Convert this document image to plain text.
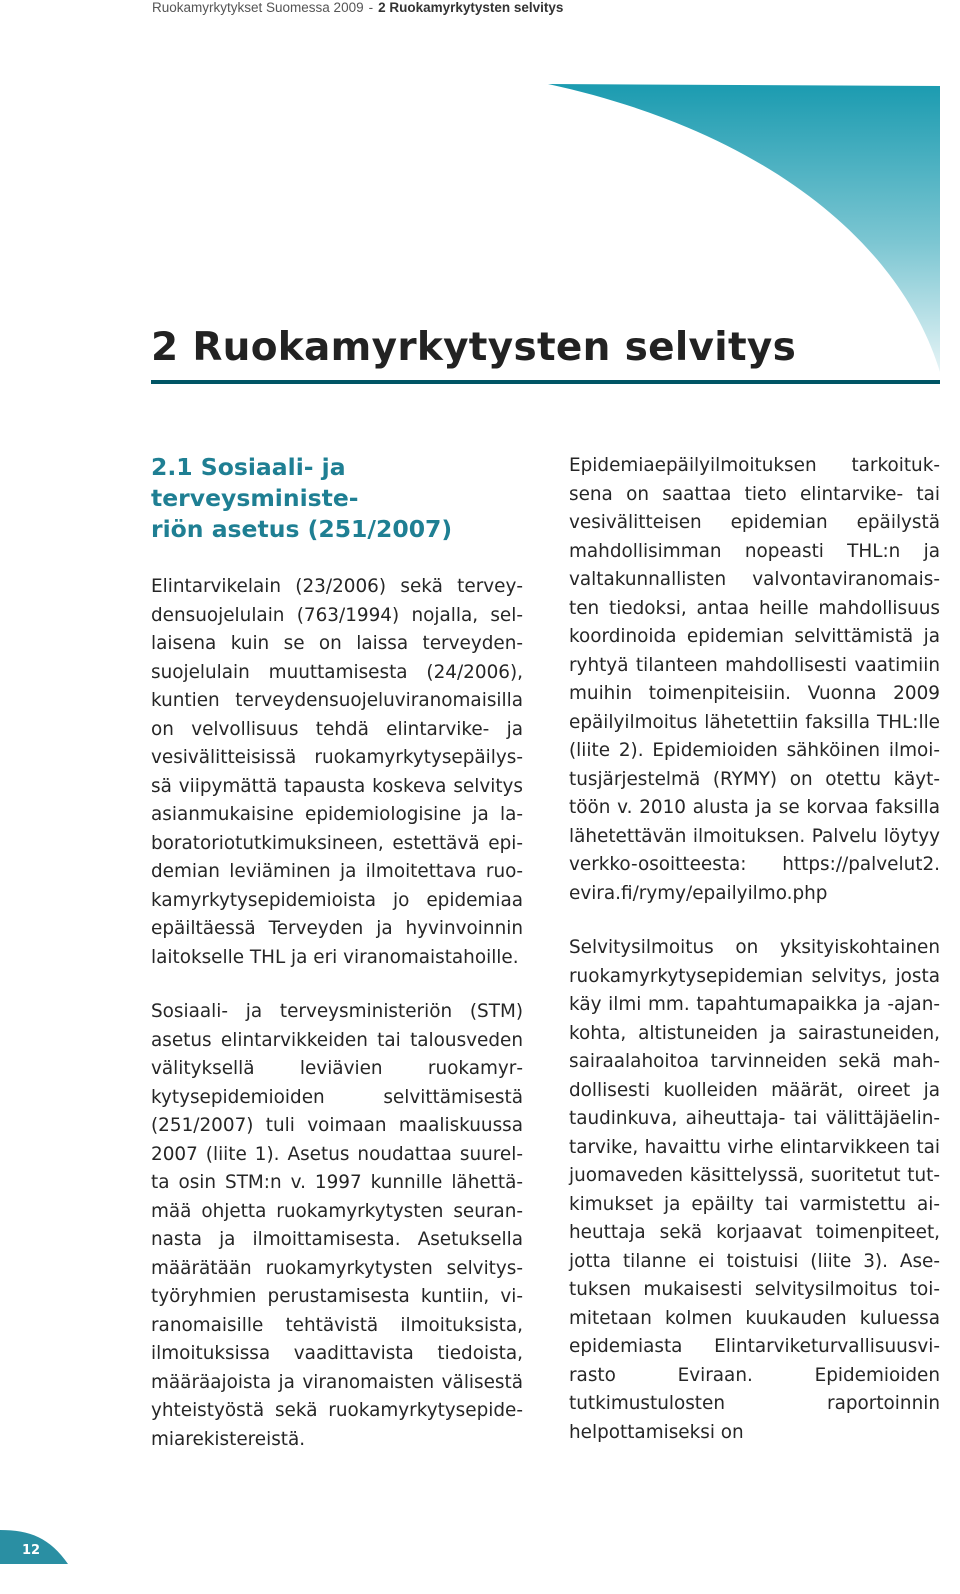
Ruokamyrkytykset Suomessa 2009 - 2 Ruokamyrkytysten selvitys
2 Ruokamyrkytysten selvitys
2.1 Sosiaali- ja terveysministe-
riön asetus (251/2007)

Elintarvikelain (23/2006) sekä terveydensuojelulain (763/1994) nojalla, sellaisena kuin se on laissa terveydensuojelulain muuttamisesta (24/2006), kuntien terveydensuojeluviranomaisilla on velvollisuus tehdä elintarvike- ja vesivälitteisissä ruokamyrkytysepäilyssä viipymättä tapausta koskeva selvitys asianmukaisine epidemiologisine ja laboratoriotutkimuksineen, estettävä epidemian leviäminen ja ilmoitettava ruokamyrkytysepidemioista jo epidemiaa epäiltäessä Terveyden ja hyvinvoinnin laitokselle THL ja eri viranomaistahoille.

Sosiaali- ja terveysministeriön (STM) asetus elintarvikkeiden tai talousveden välityksellä leviävien ruokamyrkytysepidemioiden selvittämisestä (251/2007) tuli voimaan maaliskuussa 2007 (liite 1). Asetus noudattaa suurelta osin STM:n v. 1997 kunnille lähettämää ohjetta ruokamyrkytysten seurannasta ja ilmoittamisesta. Asetuksella määrätään ruokamyrkytysten selvitystyöryhmien perustamisesta kuntiin, viranomaisille tehtävistä ilmoituksista, ilmoituksissa vaadittavista tiedoista, määräajoista ja viranomaisten välisestä yhteistyöstä sekä ruokamyrkytysepidemiarekistereistä.

Epidemiaepäilyilmoituksen tarkoituksena on saattaa tieto elintarvike- tai vesivälitteisen epidemian epäilystä mahdollisimman nopeasti THL:n ja valtakunnallisten valvontaviranomaisten tiedoksi, antaa heille mahdollisuus koordinoida epidemian selvittämistä ja ryhtyä tilanteen mahdollisesti vaatimiin muihin toimenpiteisiin. Vuonna 2009 epäilyilmoitus lähetettiin faksilla THL:lle (liite 2). Epidemioiden sähköinen ilmoitusjärjestelmä (RYMY) on otettu käyttöön v. 2010 alusta ja se korvaa faksilla lähetettävän ilmoituksen. Palvelu löytyy verkko-osoitteesta: https://palvelut2.​evira.fi/rymy/epailyilmo.php

Selvitysilmoitus on yksityiskohtainen ruokamyrkytysepidemian selvitys, josta käy ilmi mm. tapahtumapaikka ja -ajankohta, altistuneiden ja sairastuneiden, sairaalahoitoa tarvinneiden sekä mahdollisesti kuolleiden määrät, oireet ja taudinkuva, aiheuttaja- tai välittäjäelintarvike, havaittu virhe elintarvikkeen tai juomaveden käsittelyssä, suoritetut tutkimukset ja epäilty tai varmistettu aiheuttaja sekä korjaavat toimenpiteet, jotta tilanne ei toistuisi (liite 3). Asetuksen mukaisesti selvitysilmoitus toimitetaan kolmen kuukauden kuluessa epidemiasta Elintarviketurvallisuusvirasto Eviraan. Epidemioiden tutkimustulosten raportoinnin helpottamiseksi on

12
